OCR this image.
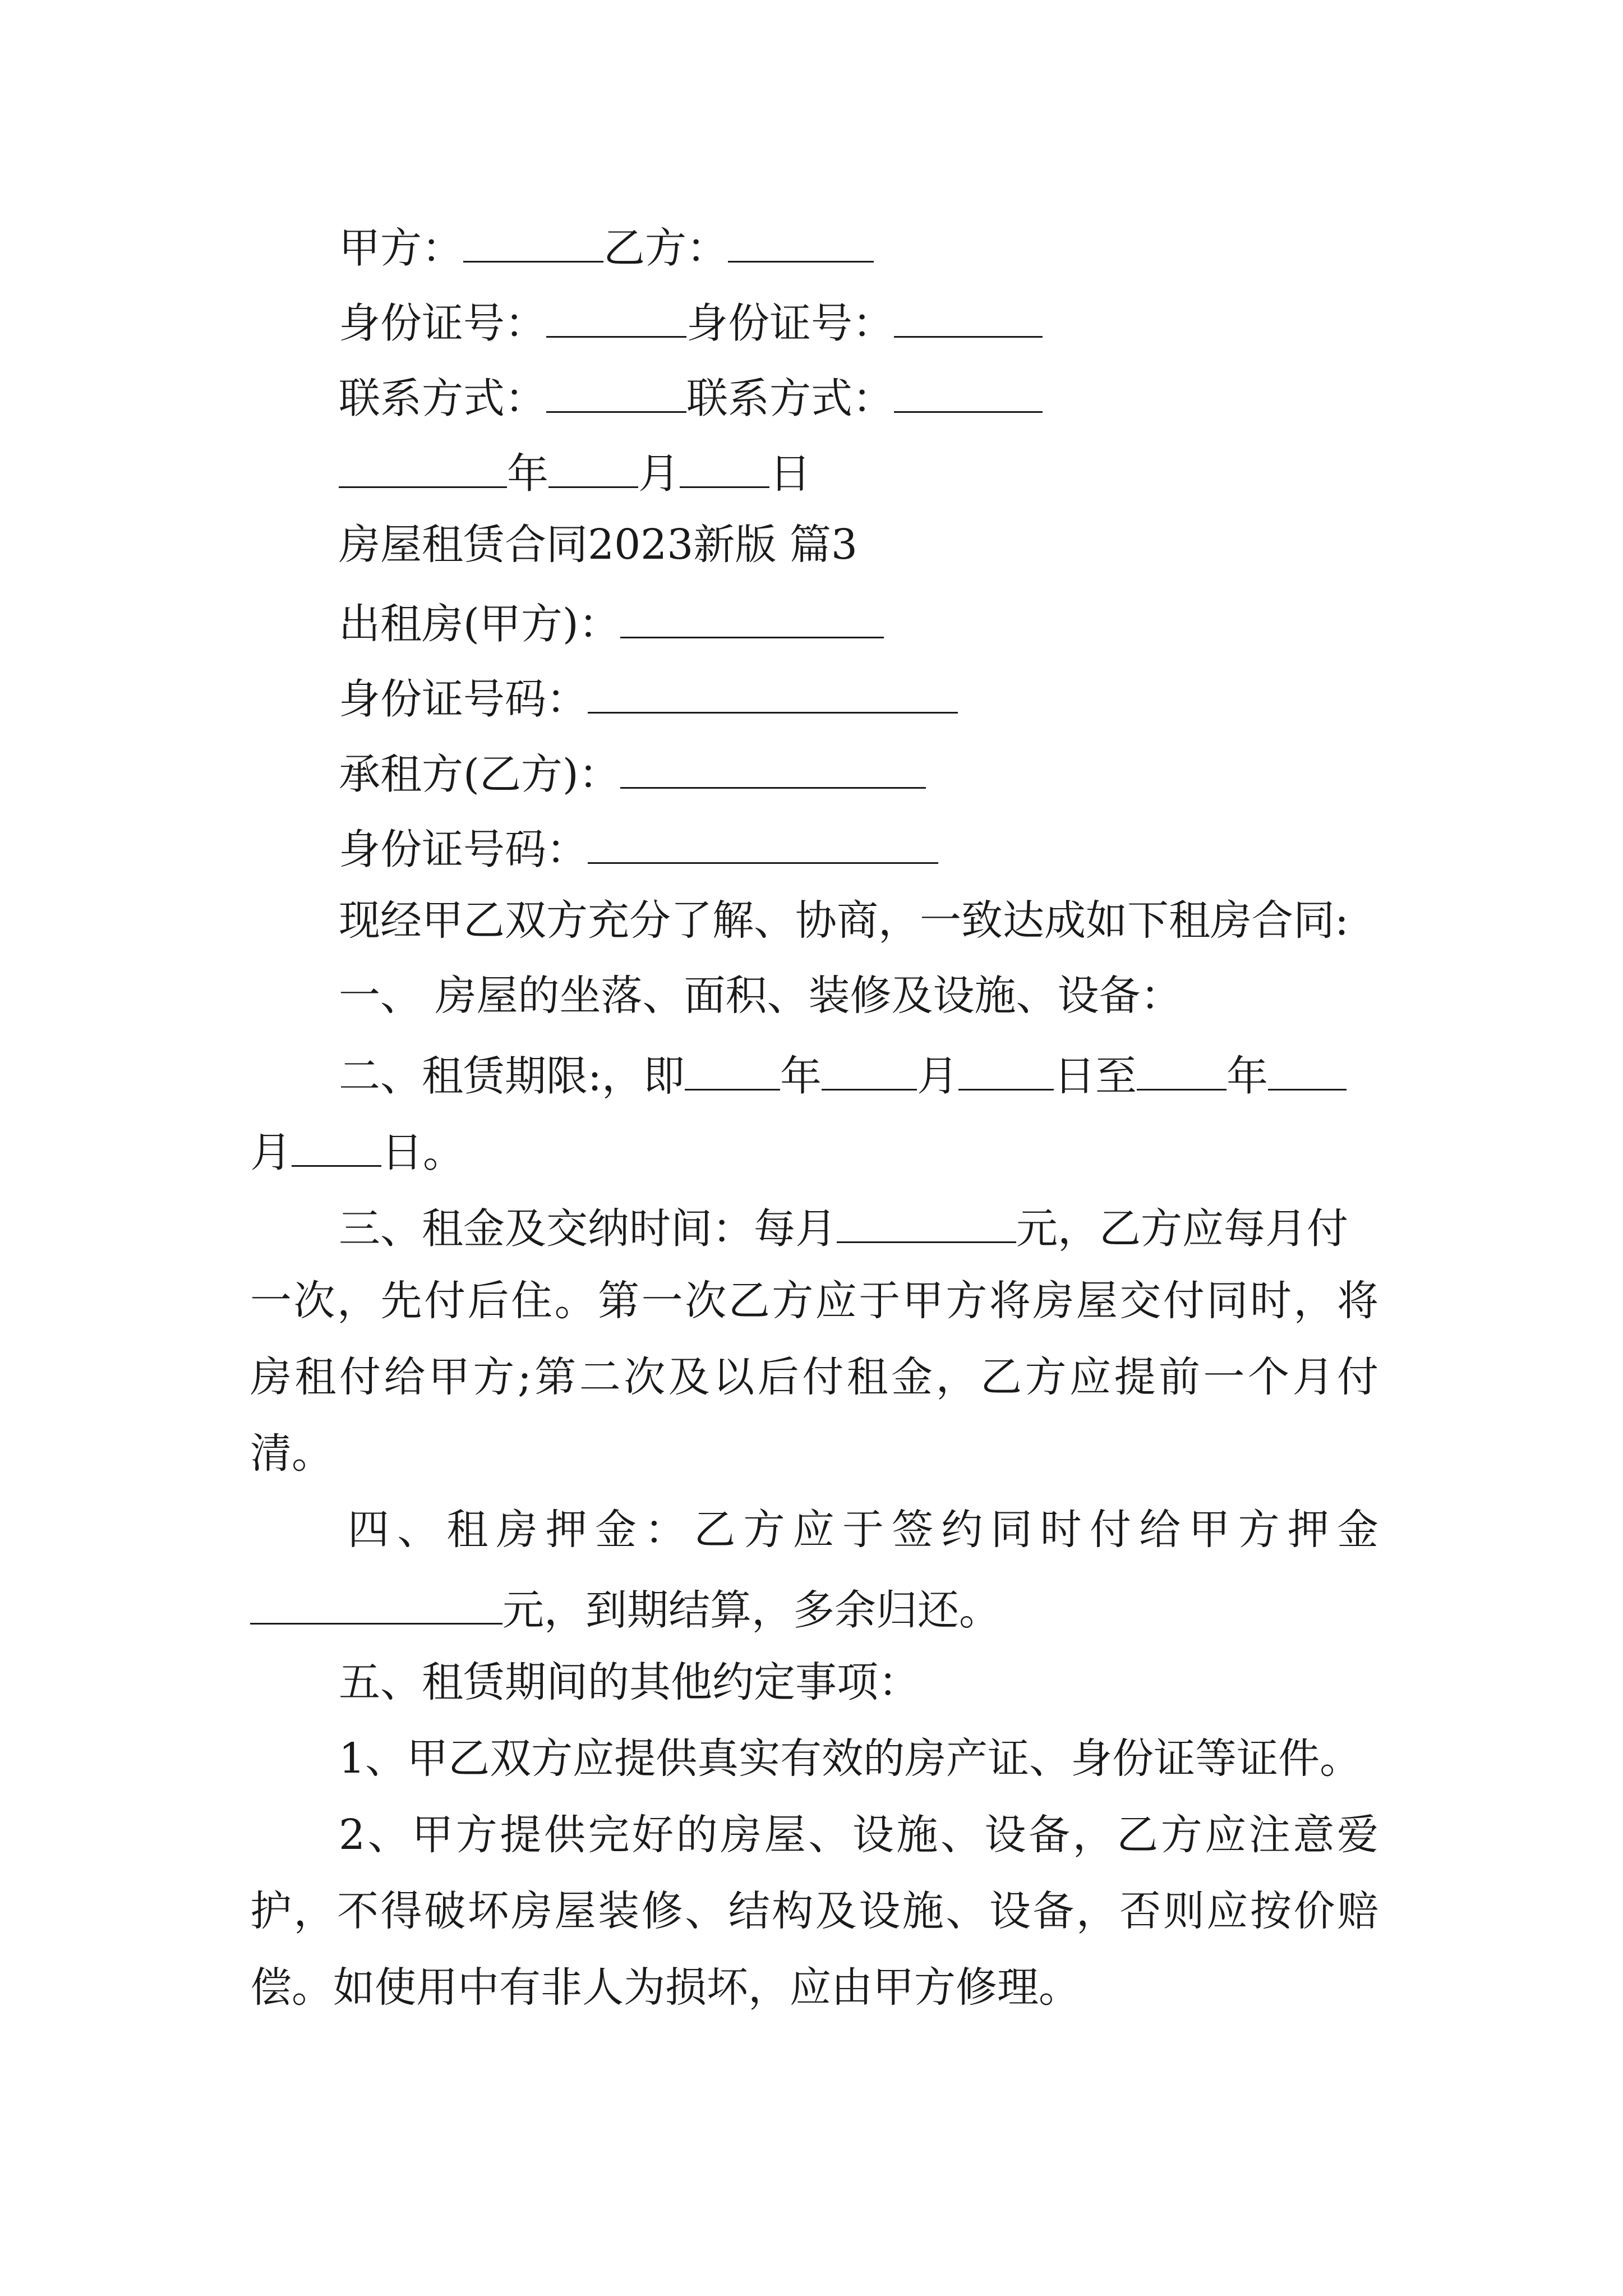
甲方：	乙方：
身份证号：	身份证号：
联系方式：	联系方式：
年 月 日
房屋租赁合同2023新版 篇3
出租房(甲方)：
身份证号码：
承租方(乙方)：
身份证号码：
现经甲乙双方充分了解、协商，一致达成如下租房合同:
一、 房屋的坐落、面积、装修及设施、设备：
二、租赁期限:，即 年 月 日至 年
月 日。
三、租金及交纳时间：每月	元，乙方应每月付
一次，先付后住。第一次乙方应于甲方将房屋交付同时，将
房租付给甲方;第二次及以后付租金，乙方应提前一个月付
清。
四、租房押金：乙方应于签约同时付给甲方押金
元，到期结算，多余归还。
五、租赁期间的其他约定事项：
1、甲乙双方应提供真实有效的房产证、身份证等证件。
2、甲方提供完好的房屋、设施、设备，乙方应注意爱
护，不得破坏房屋装修、结构及设施、设备，否则应按价赔
偿。如使用中有非人为损坏，应由甲方修理。
